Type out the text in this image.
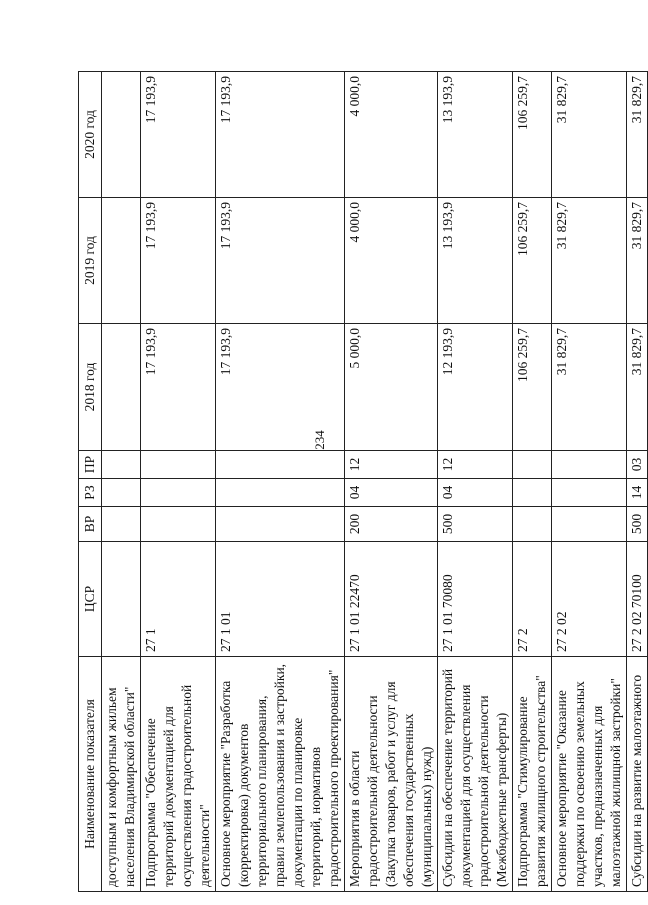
234
Наименование показателя	ЦСР	ВР	РЗ	ПР	2018 год	2019 год	2020 год
доступным и комфортным жильем населения Владимирской области"							
Подпрограмма "Обеспечение территорий документацией для осуществления градостроительной деятельности"	27 1				17 193,9	17 193,9	17 193,9
Основное мероприятие "Разработка (корректировка) документов территориального планирования, правил землепользования и застройки, документации по планировке территорий, нормативов градостроительного проектирования"	27 1 01				17 193,9	17 193,9	17 193,9
Мероприятия в области градостроительной деятельности (Закупка товаров, работ и услуг для обеспечения государственных (муниципальных) нужд)	27 1 01 22470	200	04	12	5 000,0	4 000,0	4 000,0
Субсидии на обеспечение территорий документацией для осуществления градостроительной деятельности (Межбюджетные трансферты)	27 1 01 70080	500	04	12	12 193,9	13 193,9	13 193,9
Подпрограмма "Стимулирование развития жилищного строительства"	27 2				106 259,7	106 259,7	106 259,7
Основное мероприятие "Оказание поддержки по освоению земельных участков, предназначенных для малоэтажной жилищной застройки"	27 2 02				31 829,7	31 829,7	31 829,7
Субсидии на развитие малоэтажного	27 2 02 70100	500	14	03	31 829,7	31 829,7	31 829,7
